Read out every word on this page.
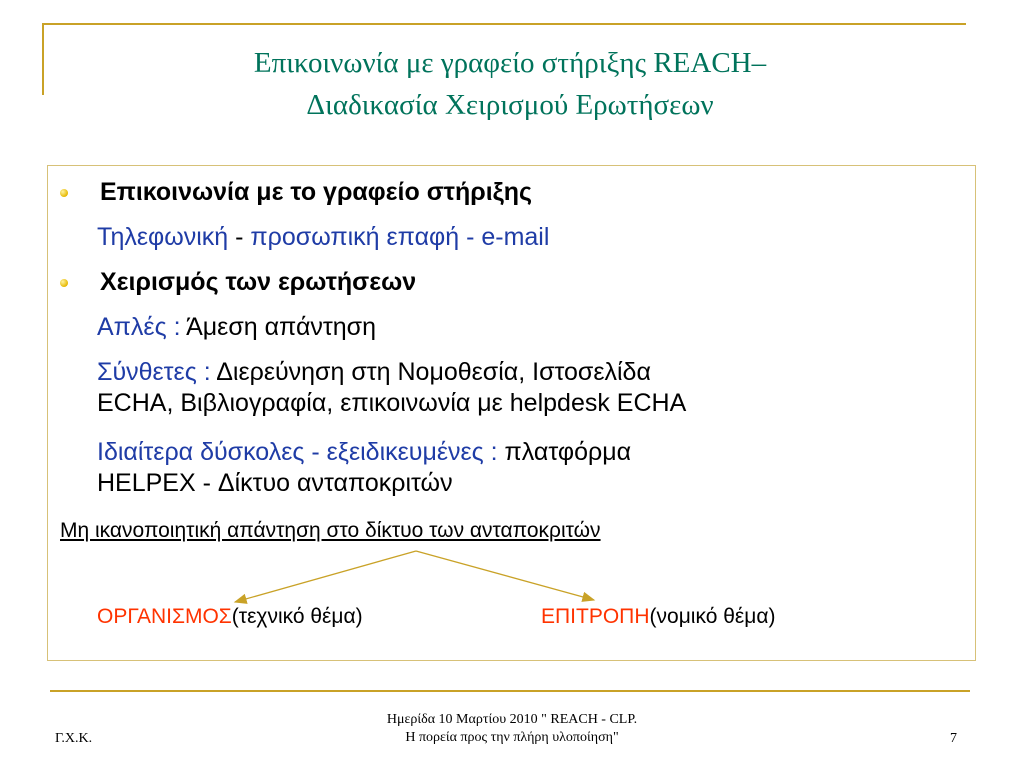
Επικοινωνία με γραφείο στήριξης REACH–
Διαδικασία Χειρισμού Ερωτήσεων
Επικοινωνία με το γραφείο στήριξης
Τηλεφωνική - προσωπική επαφή - e-mail
Χειρισμός των ερωτήσεων
Απλές : Άμεση απάντηση
Σύνθετες : Διερεύνηση στη Νομοθεσία, Ιστοσελίδα
ECHA, Βιβλιογραφία, επικοινωνία με helpdesk ECHA
Ιδιαίτερα δύσκολες - εξειδικευμένες : πλατφόρμα
HELPEX - Δίκτυο ανταποκριτών
Μη ικανοποιητική απάντηση στο δίκτυο των ανταποκριτών
ΟΡΓΑΝΙΣΜΟΣ(τεχνικό θέμα)	ΕΠΙΤΡΟΠΗ(νομικό θέμα)
Γ.Χ.Κ.
Ημερίδα 10 Μαρτίου 2010 " REACH - CLP.
Η πορεία προς την πλήρη υλοποίηση"	7
